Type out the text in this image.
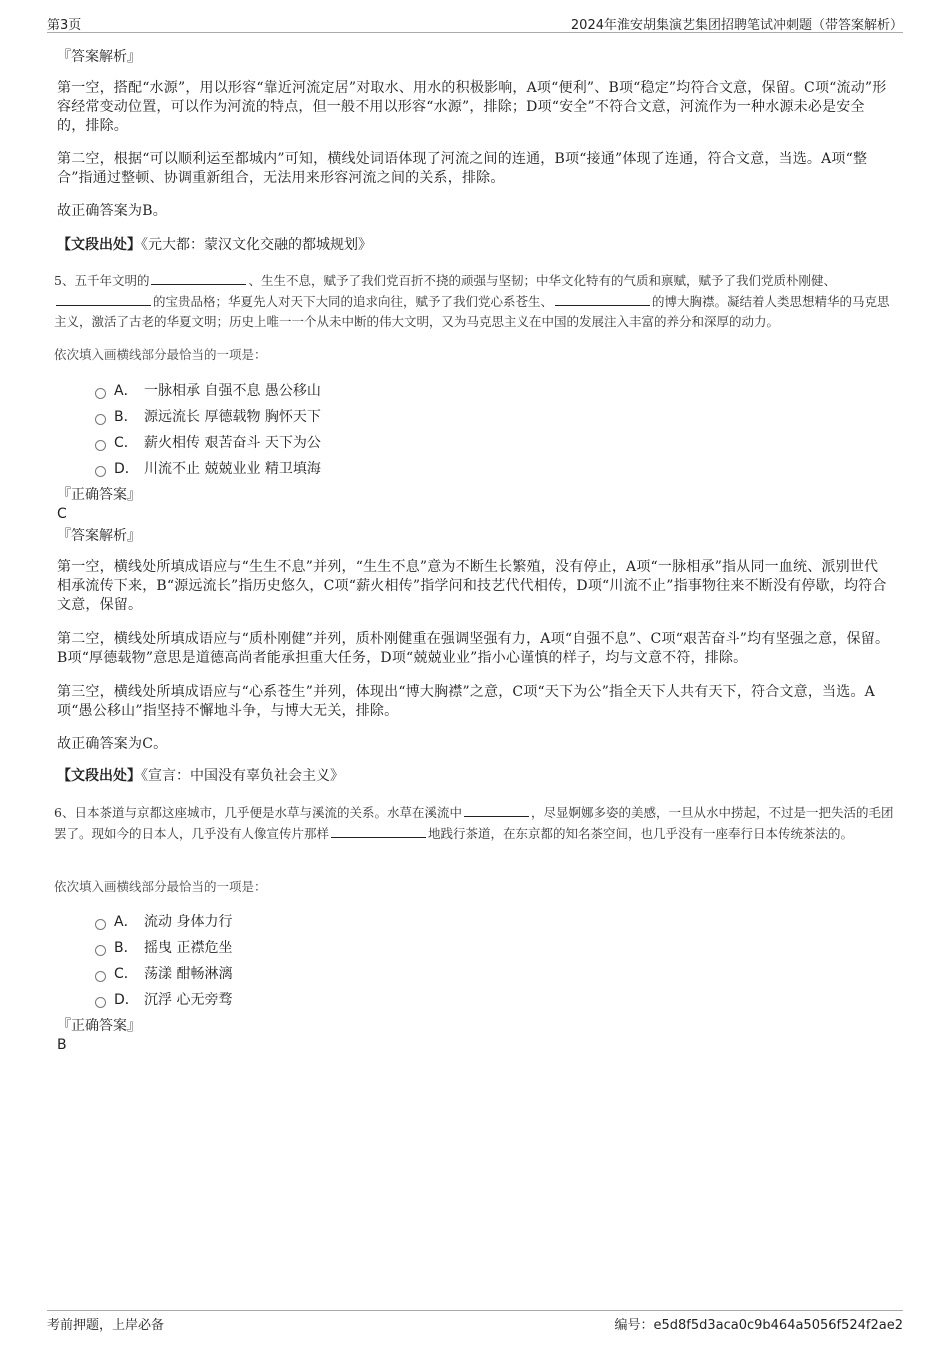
第3页	2024年淮安胡集演艺集团招聘笔试冲刺题（带答案解析）
『答案解析』
第一空，搭配“水源”，用以形容“靠近河流定居”对取水、用水的积极影响，A项“便利”、B项“稳定”均符合文意，保留。C项“流动”形容经常变动位置，可以作为河流的特点，但一般不用以形容“水源”，排除；D项“安全”不符合文意，河流作为一种水源未必是安全的，排除。
第二空，根据“可以顺利运至都城内”可知，横线处词语体现了河流之间的连通，B项“接通”体现了连通，符合文意，当选。A项“整合”指通过整顿、协调重新组合，无法用来形容河流之间的关系，排除。
故正确答案为B。
【文段出处】《元大都：蒙汉文化交融的都城规划》
5、五千年文明的	、生生不息，赋予了我们党百折不挠的顽强与坚韧；中华文化特有的气质和禀赋，赋予了我们党质朴刚健、的宝贵品格；华夏先人对天下大同的追求向往，赋予了我们党心系苍生、	的博大胸襟。凝结着人类思想精华的马克思主义，激活了古老的华夏文明；历史上唯一一个从未中断的伟大文明，又为马克思主义在中国的发展注入丰富的养分和深厚的动力。
依次填入画横线部分最恰当的一项是：
A． 一脉相承 自强不息 愚公移山
B． 源远流长 厚德载物 胸怀天下
C． 薪火相传 艰苦奋斗 天下为公
D． 川流不止 兢兢业业 精卫填海
『正确答案』
C
『答案解析』
第一空，横线处所填成语应与“生生不息”并列，“生生不息”意为不断生长繁殖，没有停止，A项“一脉相承”指从同一血统、派别世代相承流传下来，B“源远流长”指历史悠久，C项“薪火相传”指学问和技艺代代相传，D项“川流不止”指事物往来不断没有停歇，均符合文意，保留。
第二空，横线处所填成语应与“质朴刚健”并列，质朴刚健重在强调坚强有力，A项“自强不息”、C项“艰苦奋斗”均有坚强之意，保留。B项“厚德载物”意思是道德高尚者能承担重大任务，D项“兢兢业业”指小心谨慎的样子，均与文意不符，排除。
第三空，横线处所填成语应与“心系苍生”并列，体现出“博大胸襟”之意，C项“天下为公”指全天下人共有天下，符合文意，当选。A项“愚公移山”指坚持不懈地斗争，与博大无关，排除。
故正确答案为C。
【文段出处】《宣言：中国没有辜负社会主义》
6、日本茶道与京都这座城市，几乎便是水草与溪流的关系。水草在溪流中	，尽显婀娜多姿的美感，一旦从水中捞起，不过是一把失活的毛团罢了。现如今的日本人，几乎没有人像宣传片那样	地践行茶道，在东京都的知名茶空间，也几乎没有一座奉行日本传统茶法的。
依次填入画横线部分最恰当的一项是：
A． 流动 身体力行
B． 摇曳 正襟危坐
C． 荡漾 酣畅淋漓
D． 沉浮 心无旁骛
『正确答案』
B
考前押题，上岸必备	编号：e5d8f5d3aca0c9b464a5056f524f2ae2
